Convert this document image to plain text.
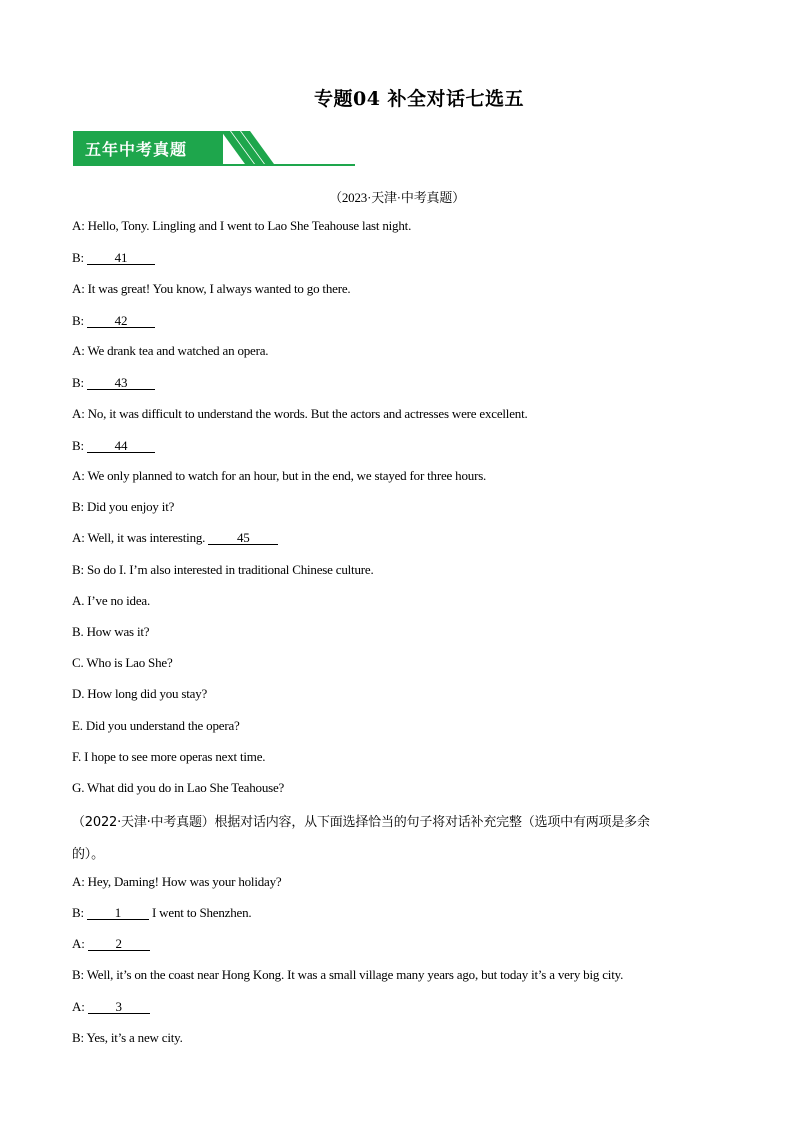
专题04 补全对话七选五
五年中考真题
（2023·天津·中考真题）
A: Hello, Tony. Lingling and I went to Lao She Teahouse last night.
B: 41
A: It was great! You know, I always wanted to go there.
B: 42
A: We drank tea and watched an opera.
B: 43
A: No, it was difficult to understand the words. But the actors and actresses were excellent.
B: 44
A: We only planned to watch for an hour, but in the end, we stayed for three hours.
B: Did you enjoy it?
A: Well, it was interesting. 45
B: So do I. I’m also interested in traditional Chinese culture.
A. I’ve no idea.
B. How was it?
C. Who is Lao She?
D. How long did you stay?
E. Did you understand the opera?
F. I hope to see more operas next time.
G. What did you do in Lao She Teahouse?
（2022·天津·中考真题）根据对话内容，从下面选择恰当的句子将对话补充完整（选项中有两项是多余
的）。
A: Hey, Daming! How was your holiday?
B: 1 I went to Shenzhen.
A: 2
B: Well, it’s on the coast near Hong Kong. It was a small village many years ago, but today it’s a very big city.
A: 3
B: Yes, it’s a new city.
